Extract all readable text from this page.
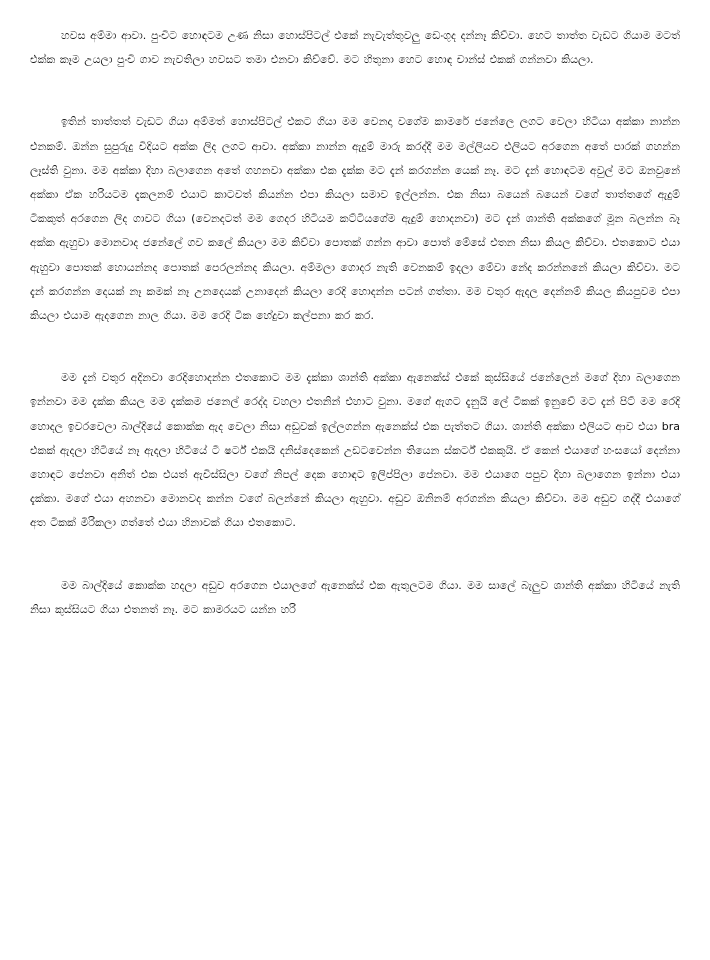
හවස අම්මා ආවා. පුංචිට හොඳටම උණ නිසා හොස්පිටල් එකේ නැවැත්තුවලු ඩෙංගුද දන්නෑ කිව්වා. හෙට තාත්ත වැඩට ගියාම මටත් එක්ක කෑම උයලා පුංචි ගාව නැවතිලා හවසට තමා එනවා කිව්වේ. මට හිතුනා හෙට හොඳ චාන්ස් එකක් ගන්නවා කියලා.

ඉතින් තාත්තත් වැඩට ගියා අම්මත් හොස්පිටල් එකට ගියා මම වෙනදා වගේම කාමරේ ජනේලෙ ලගට වෙලා හිටියා අක්කා නාන්න එනකම්. ඔන්න සුපුරුදු විදියට අක්ක ලිද ලගට ආවා. අක්කා නාන්න ඇදුම් මාරු කරද්දී මම මල්ලියව එලියට අරගෙන අතේ පාරක් ගහන්න ලෑස්ති වුනා. මම අක්කා දිහා බලාගෙන අතේ ගහනවා අක්කා එක දැක්ක මට දැන් කරගන්න යෙක් නෑ. මට දැන් හොඳටම අවුල් මට ඔනවුනේ අක්කා ඒක හරියටම දැකලනම් එයාට කාටවත් කියන්න එපා කියලා සමාව ඉල්ලන්න. එක නිසා බයෙන් බයෙන් වගේ තාත්තගේ ඇදුම් ටිකකුත් අරගෙන ලිද ගාවට ගියා (වෙනදටත් මම ගෙදර හිටියම කට්ටියගේම ඇදුම් හොදනවා) මට දැන් ශාන්ති අක්කගේ මූන බලන්න බෑ අක්ක ඇහුවා මොනවාද ජනේලේ ගව කලේ කියලා මම කිව්වා පොතක් ගන්න ආවා පොත් මේසේ එතන නිසා කියල කිව්වා. එතකොට එයා ඇහුවා පොතක් හොයන්නද පොතක් පෙරලන්නද කියලා. අම්මලා ගොදර නැති වෙනකම් ඉදලා මේවා නේද කරන්නනේ කියලා කිව්වා. මට දැන් කරගන්න දෙයක් නෑ කමක් නෑ උනදෙයක් උනාදෙන් කියලා රෙදි හොදන්න පටන් ගත්තා. මම වතුර ඇදල දෙන්නම් කියල කියපුවම එපා කියලා එයාම ඇදගෙන නාල ගියා. මම රෙදි ටික හේදුවා කල්පනා කර කර.

මම දැන් වතුර අදිනවා රෙදිහොදන්න එතකොට මම දැක්කා ශාන්ති අක්කා ඇනෙක්ස් එකේ කුස්සියේ ජනේලෙන් මගේ දිහා බලාගෙන ඉන්නවා මම දැක්ක කියල මම දැක්කම ජනෙල් රෙද්ද වහලා එතනින් එහාට වුනා. මගේ ඇගට දැනුයි ලේ ටිකක් ඉනුවේ මට දැන් පිට් මම රෙදි හොදල ඉවරවෙලා බාල්දියේ කොක්ක ඇද වෙලා නිසා අඩුවක් ඉල්ලගන්න ඇනෙක්ස් එක පැත්තට ගියා. ශාන්ති අක්කා එලියට ආව එයා bra එකක් ඇදලා හිටියේ නෑ ඇදලා හිටියේ ටී ෂර්ට් එකයි දනිස්දෙකෙන් උඩටවෙන්න තියෙන ස්කර්ට් එකකුයි. ඒ කෙන් එයාගේ හංසයෝ දෙන්නා හොඳට පේනවා අනිත් එක එයත් ඇවිස්සිලා වගේ නිපල් දෙක හොඳට ඉලිප්පිලා පේනවා. මම එයාගෙ පපුව දිහා බලාගෙන ඉන්නා එයා දැක්කා. මගේ එයා අහනවා මොනවද කන්න වගේ බලන්නේ කියලා ඇහුවා. අඩුව ඔනිනම් අරගන්න කියලා කිව්වා. මම අඩුව ගද්දී එයාගේ අත ටිකක් මිරිකලා ගත්තේ එයා හිනාවක් ගියා එතකොට.

මම බාල්දියේ කොක්ක හදලා අඩුව අරගෙන එයාලගේ ඇනෙක්ස් එක ඇතුලටම ගියා. මම සාලේ බැලුව ශාන්ති අක්කා හිටියේ නැති නිසා කුස්සියට ගියා එතනත් නෑ. මට කාමරයට යන්න හරි
